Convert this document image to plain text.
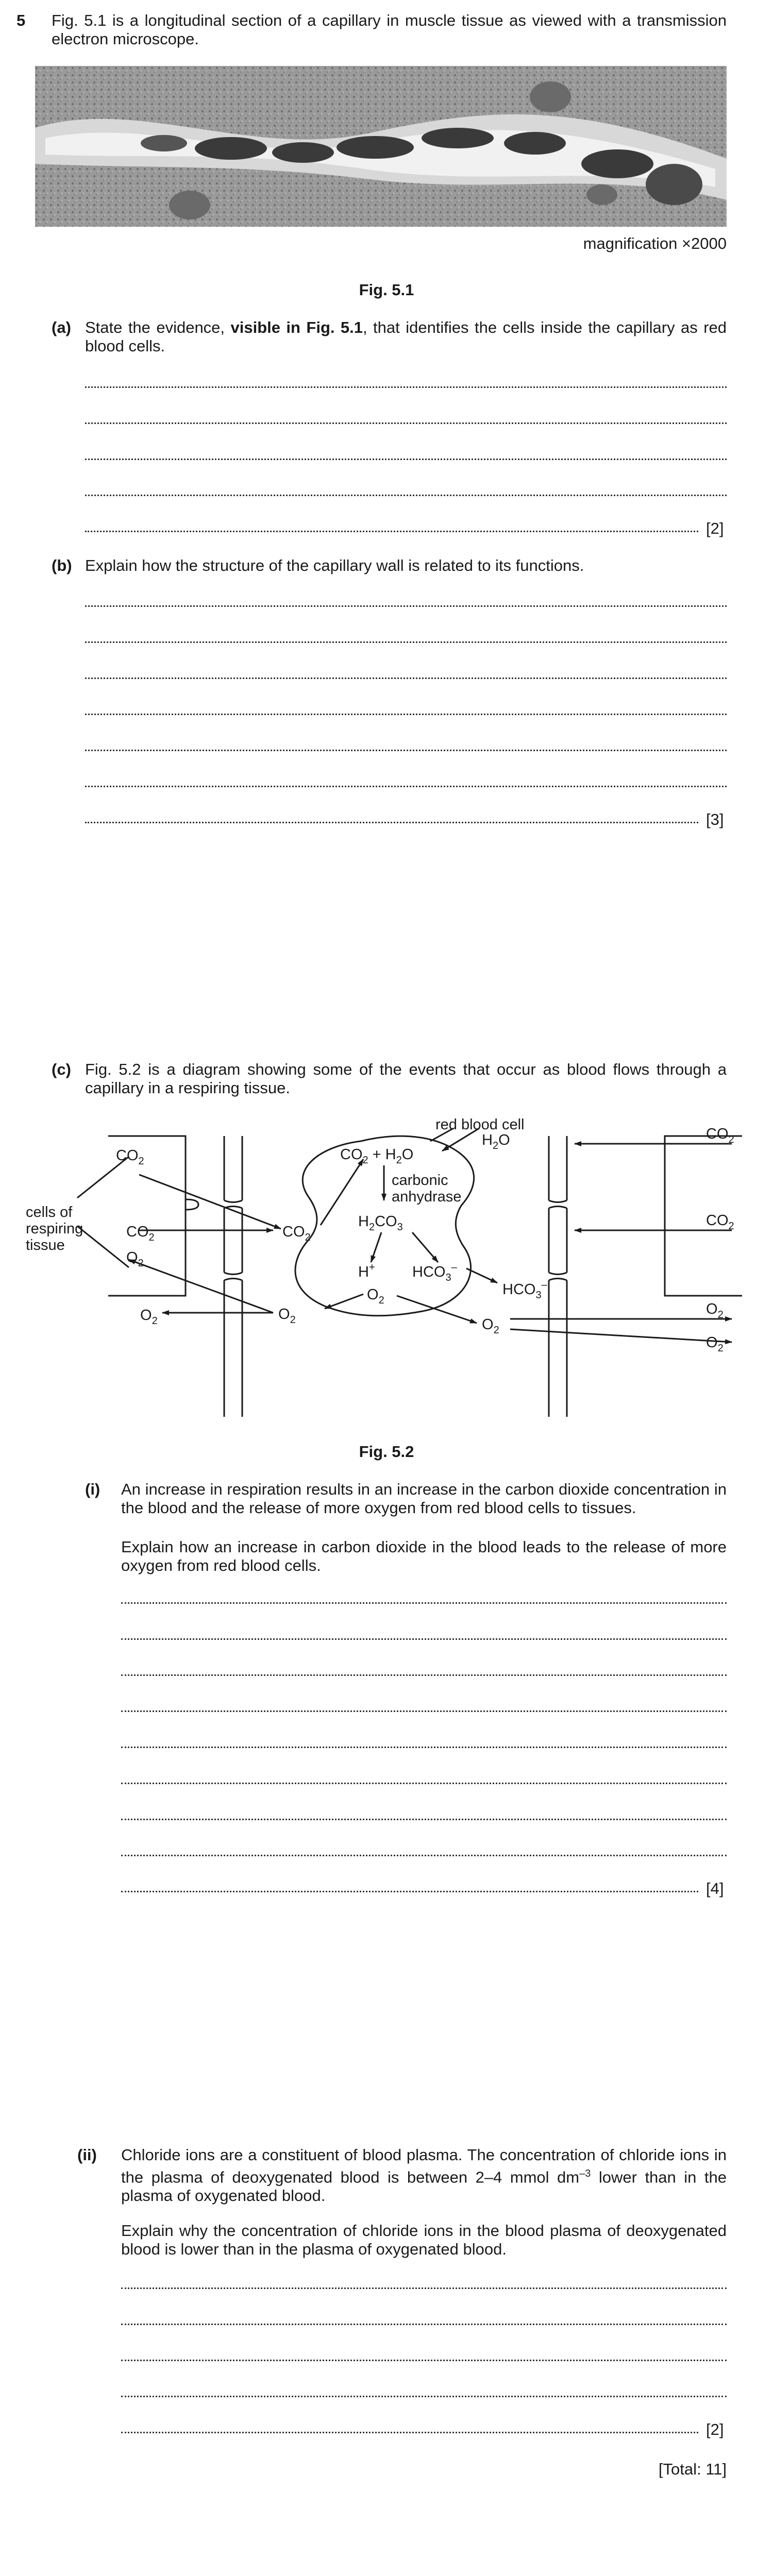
5 Fig. 5.1 is a longitudinal section of a capillary in muscle tissue as viewed with a transmission electron microscope.
magnification ×2000
Fig. 5.1
(a) State the evidence, visible in Fig. 5.1, that identifies the cells inside the capillary as red blood cells.
[2]
(b) Explain how the structure of the capillary wall is related to its functions.
[3]
(c) Fig. 5.2 is a diagram showing some of the events that occur as blood flows through a capillary in a respiring tissue.
red blood cell
$H_2O$
$CO_2 + H_2O$
carbonic
anhydrase
$H_2CO_3$
H+ $HCO_3^-$
$HCO_3^-$
$CO_2$
$O_2$
$O_2$	$O_2$
$CO_2$
$CO_2$
$O_2$
$O_2$
$CO_2$
$CO_2$
$O_2$
$O_2$
cells of
respiring
tissue
Fig. 5.2
(i) An increase in respiration results in an increase in the carbon dioxide concentration in the blood and the release of more oxygen from red blood cells to tissues.
Explain how an increase in carbon dioxide in the blood leads to the release of more oxygen from red blood cells.
[4]
(ii) Chloride ions are a constituent of blood plasma. The concentration of chloride ions in the plasma of deoxygenated blood is between 2–4 mmol $dm^{-3}$ lower than in the plasma of oxygenated blood.
Explain why the concentration of chloride ions in the blood plasma of deoxygenated blood is lower than in the plasma of oxygenated blood.
[2]
[Total: 11]
